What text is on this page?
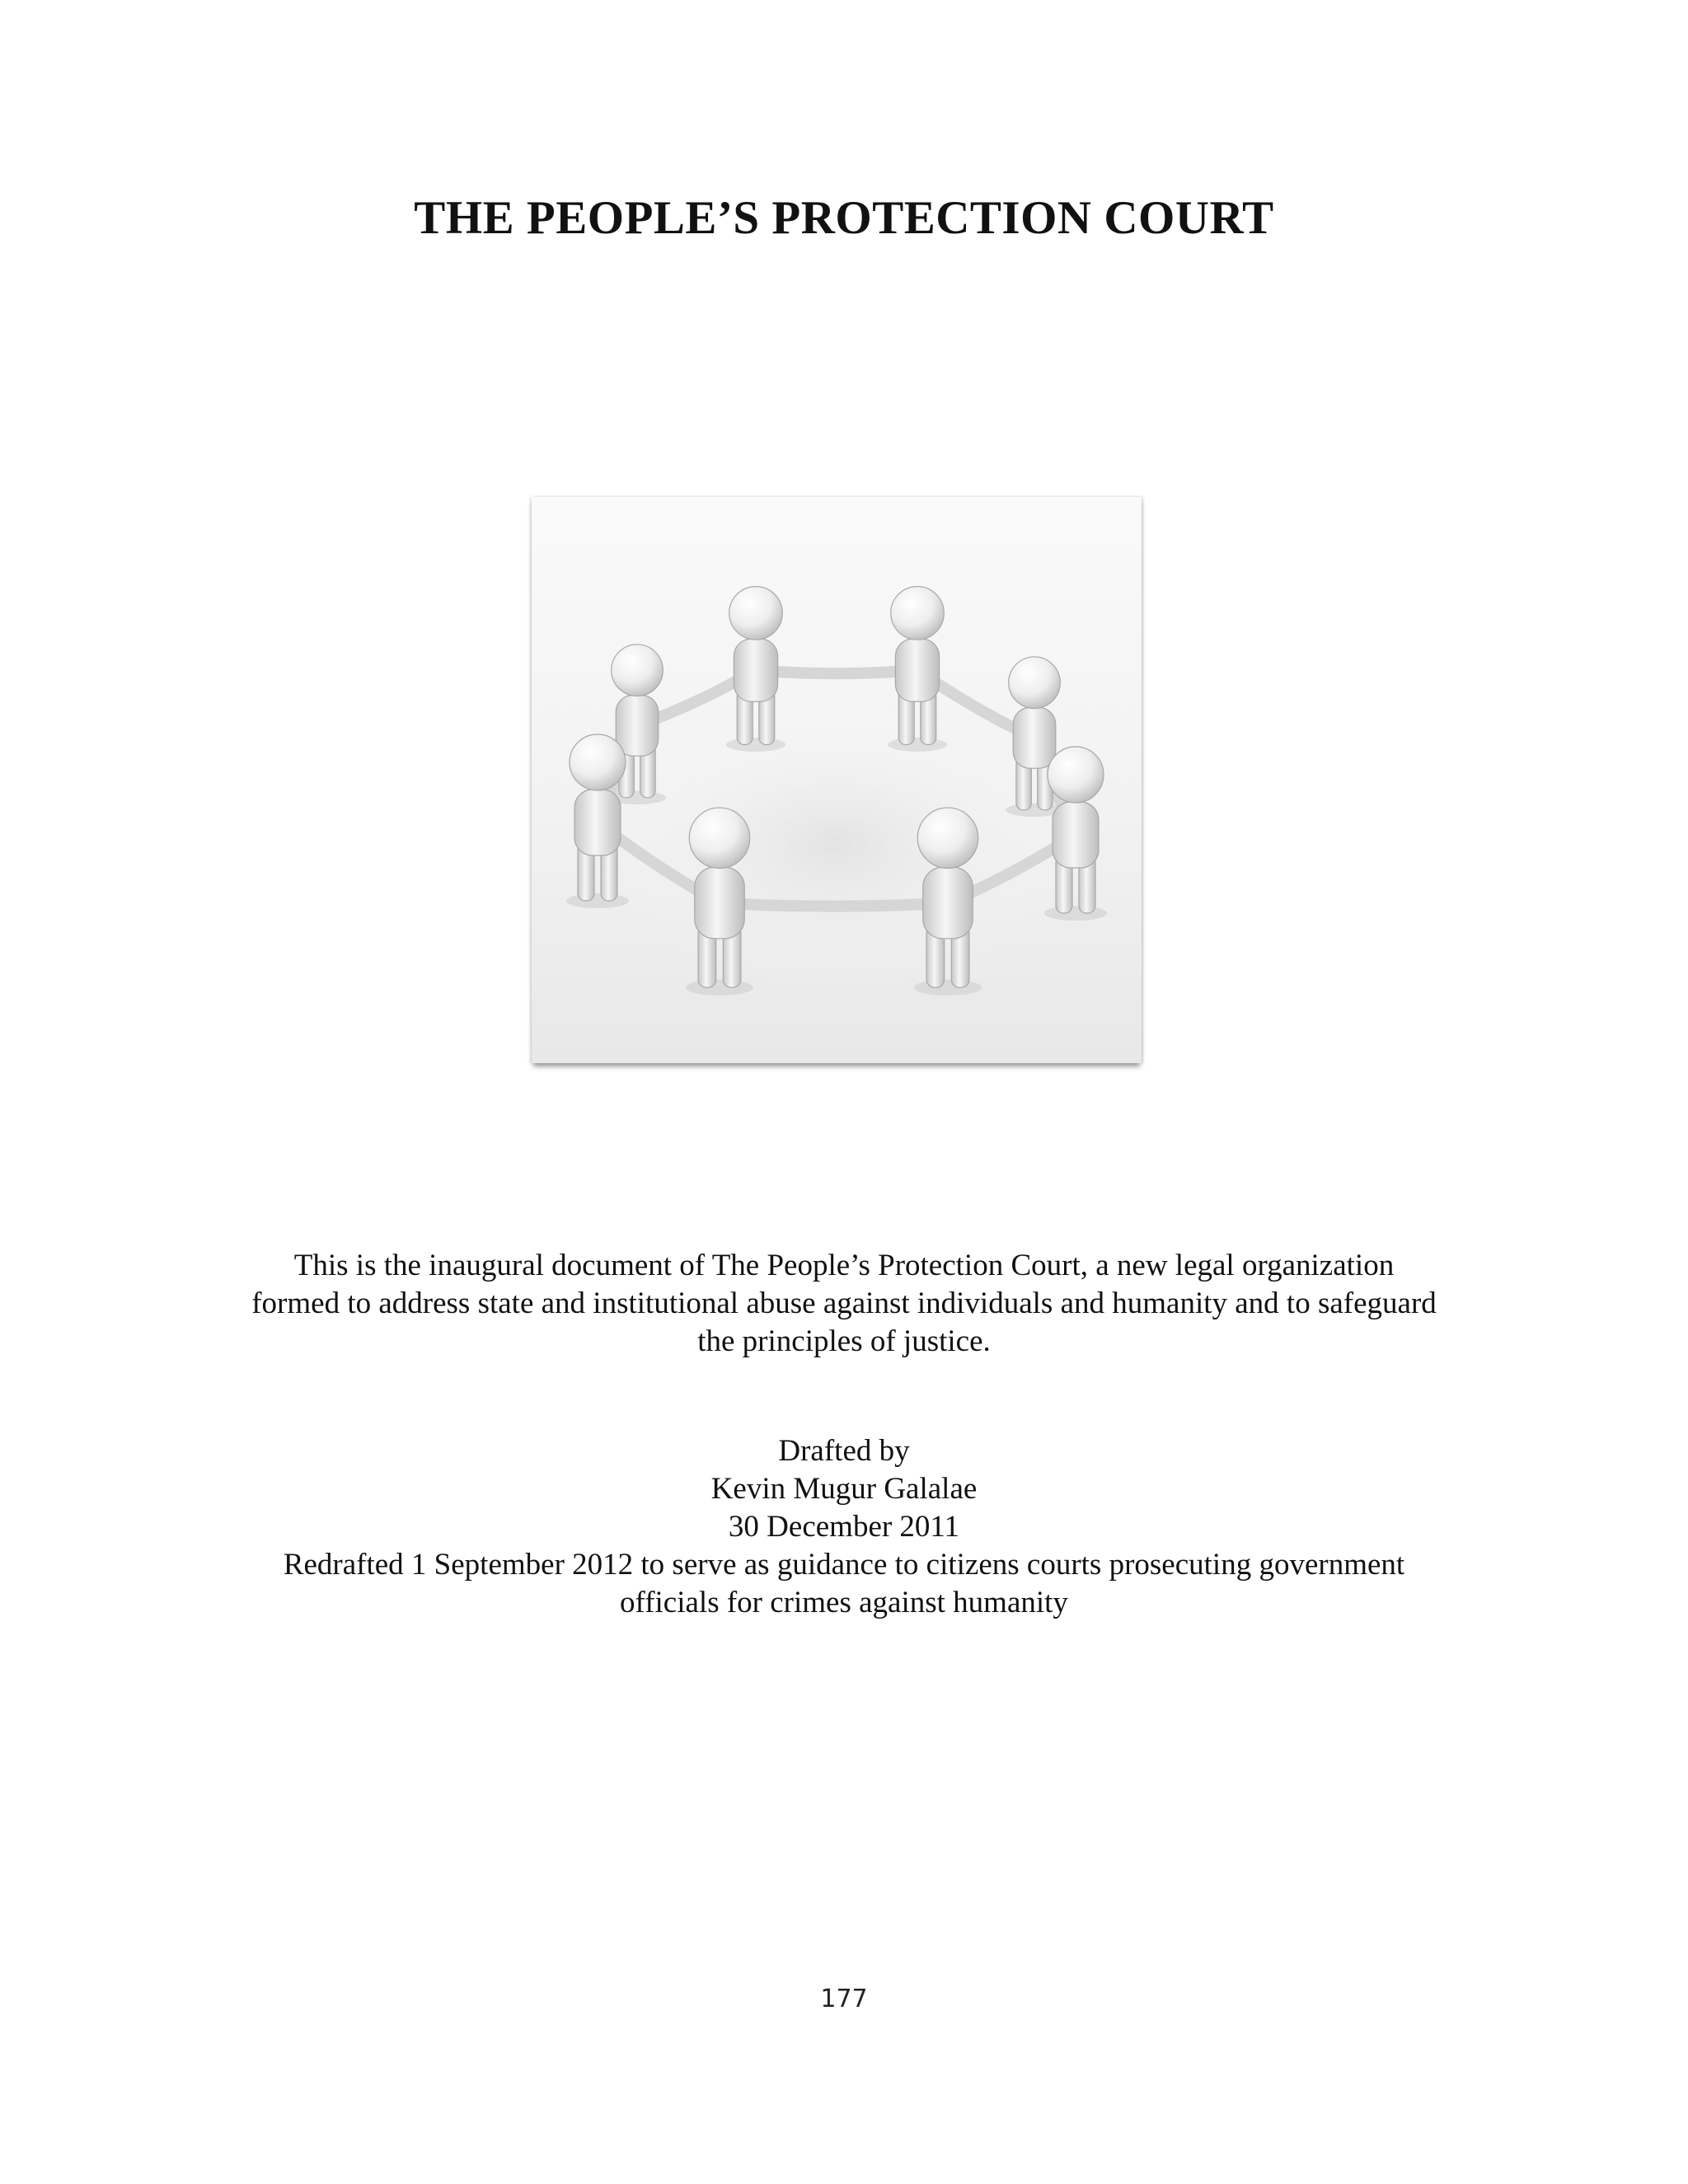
THE PEOPLE’S PROTECTION COURT
This is the inaugural document of The People’s Protection Court, a new legal organization
formed to address state and institutional abuse against individuals and humanity and to safeguard
the principles of justice.
Drafted by
Kevin Mugur Galalae
30 December 2011
Redrafted 1 September 2012 to serve as guidance to citizens courts prosecuting government
officials for crimes against humanity
177
